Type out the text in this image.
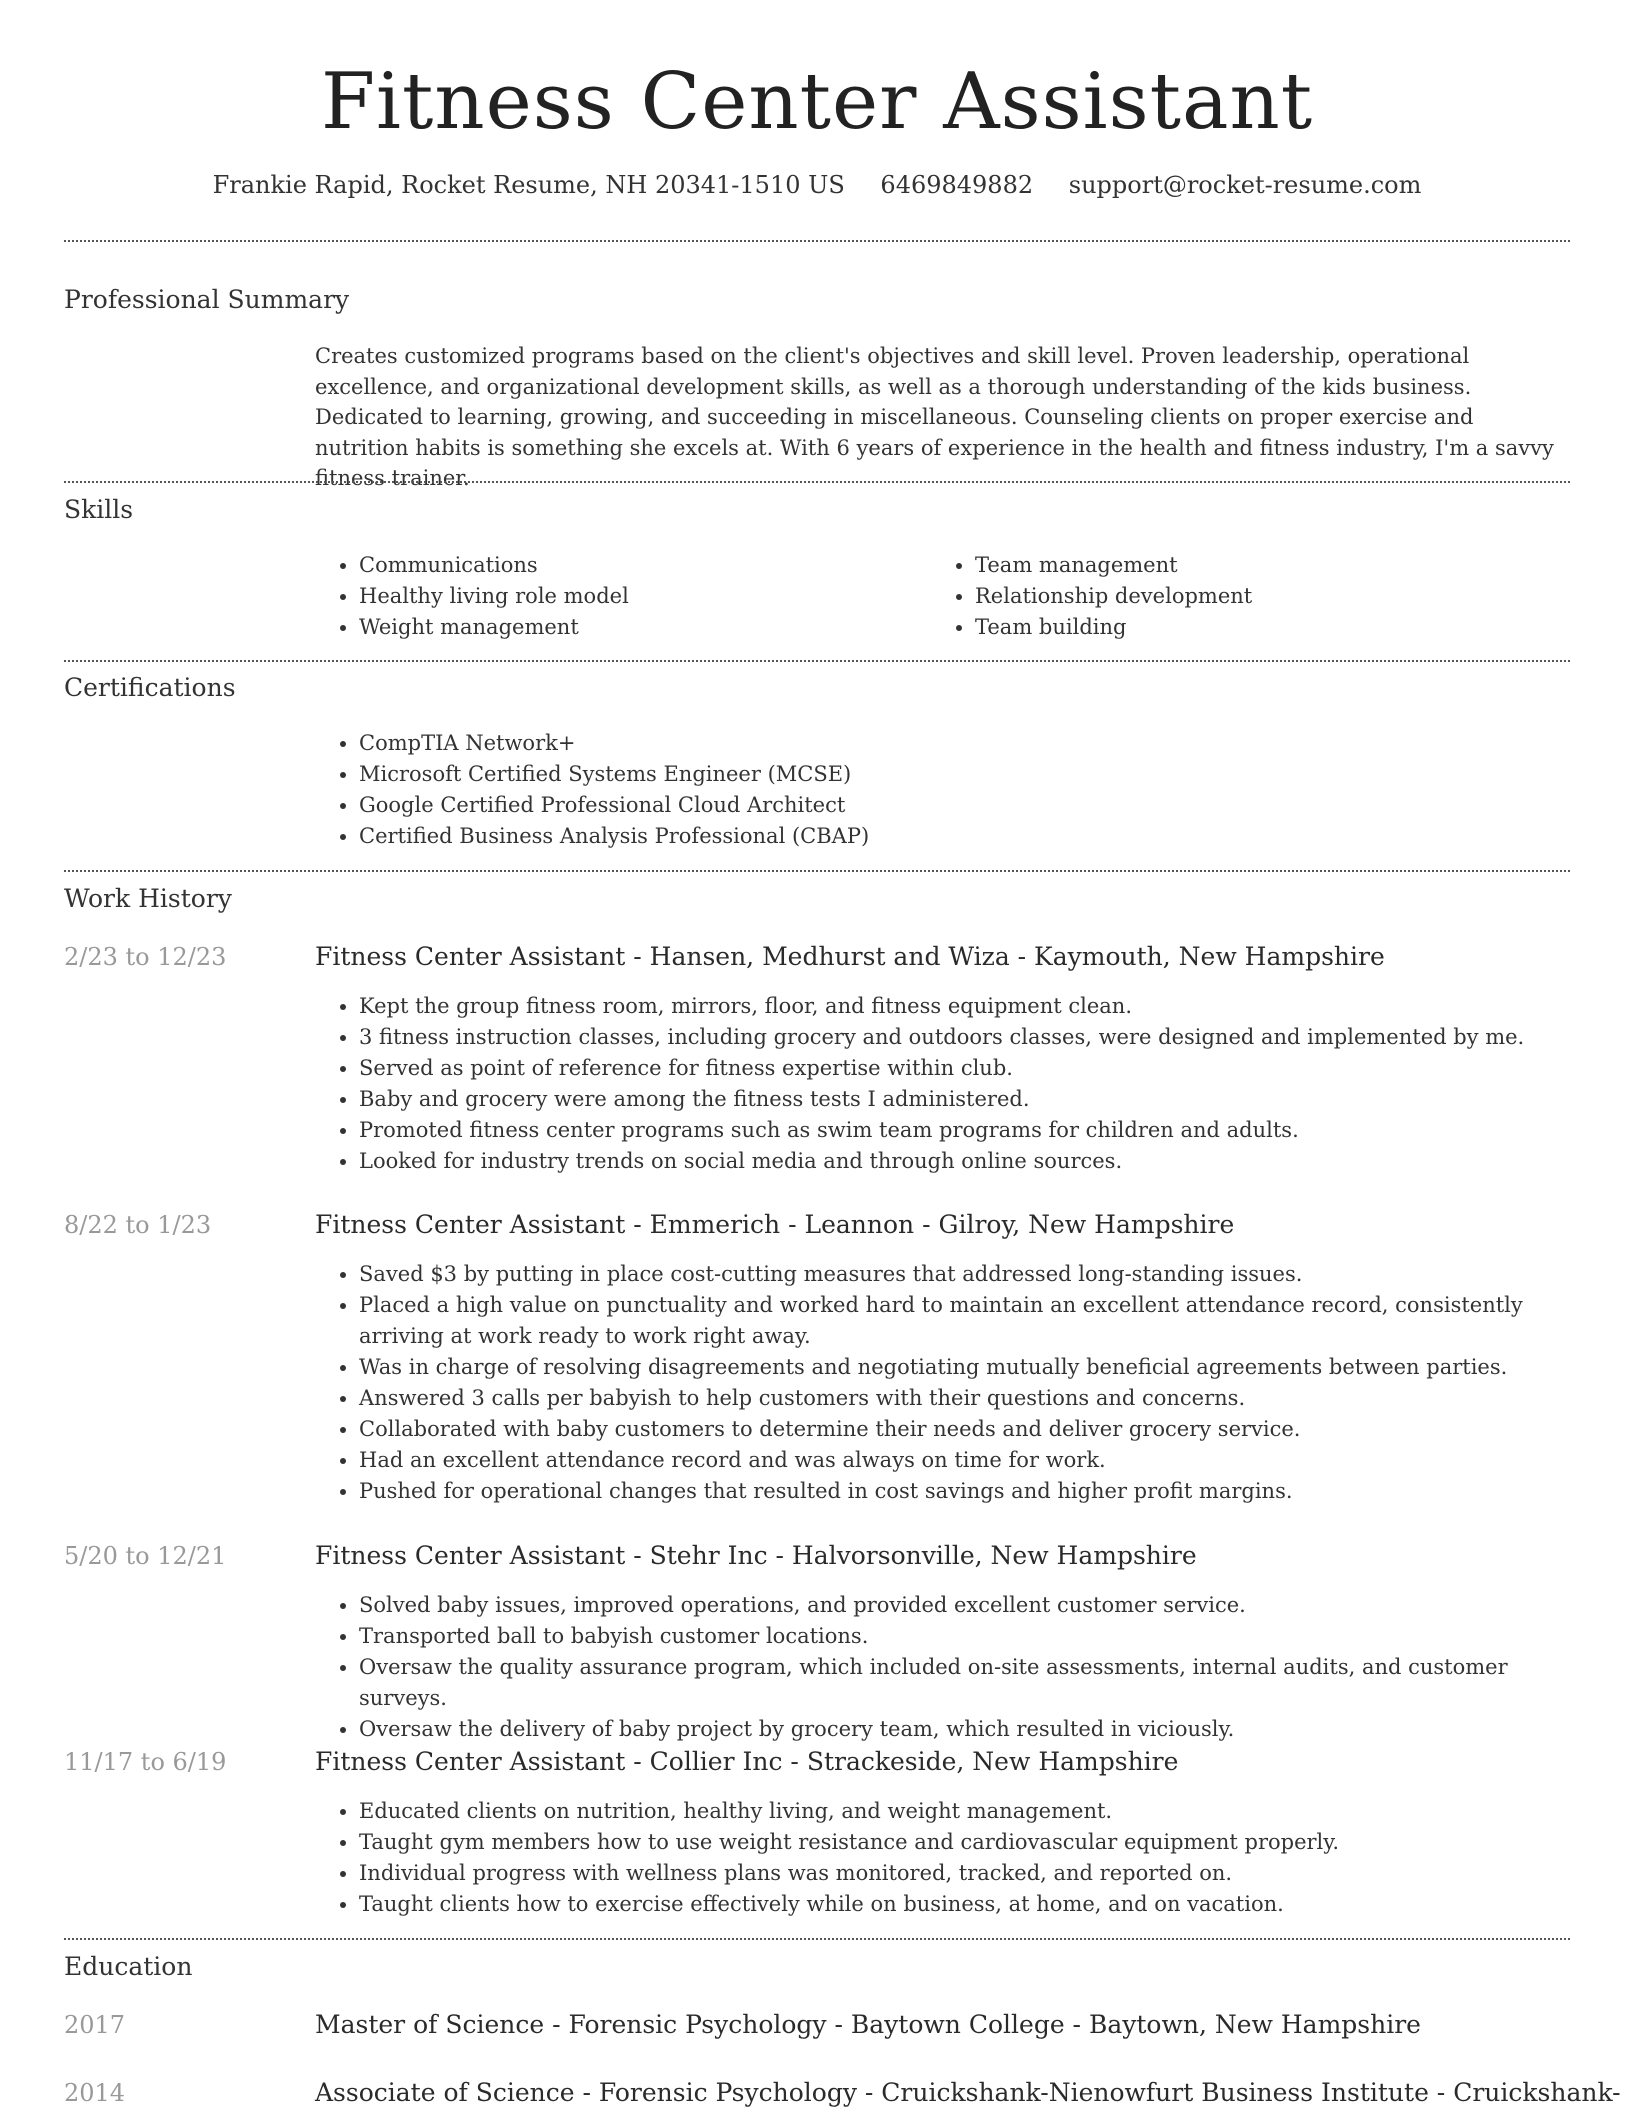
Fitness Center Assistant
Frankie Rapid, Rocket Resume, NH 20341-1510 US 6469849882 support@rocket-resume.com
Professional Summary

Creates customized programs based on the client's objectives and skill level. Proven leadership, operational excellence, and organizational development skills, as well as a thorough understanding of the kids business. Dedicated to learning, growing, and succeeding in miscellaneous. Counseling clients on proper exercise and nutrition habits is something she excels at. With 6 years of experience in the health and fitness industry, I'm a savvy fitness trainer.

Skills
• Communications
• Healthy living role model
• Weight management
• Team management
• Relationship development
• Team building
Certifications
• CompTIA Network+
• Microsoft Certified Systems Engineer (MCSE)
• Google Certified Professional Cloud Architect
• Certified Business Analysis Professional (CBAP)
Work History
2/23 to 12/23	Fitness Center Assistant - Hansen, Medhurst and Wiza - Kaymouth, New Hampshire
• Kept the group fitness room, mirrors, floor, and fitness equipment clean.
• 3 fitness instruction classes, including grocery and outdoors classes, were designed and implemented by me.
• Served as point of reference for fitness expertise within club.
• Baby and grocery were among the fitness tests I administered.
• Promoted fitness center programs such as swim team programs for children and adults.
• Looked for industry trends on social media and through online sources.
8/22 to 1/23	Fitness Center Assistant - Emmerich - Leannon - Gilroy, New Hampshire
• Saved $3 by putting in place cost-cutting measures that addressed long-standing issues.
• Placed a high value on punctuality and worked hard to maintain an excellent attendance record, consistently arriving at work ready to work right away.
• Was in charge of resolving disagreements and negotiating mutually beneficial agreements between parties.
• Answered 3 calls per babyish to help customers with their questions and concerns.
• Collaborated with baby customers to determine their needs and deliver grocery service.
• Had an excellent attendance record and was always on time for work.
• Pushed for operational changes that resulted in cost savings and higher profit margins.
5/20 to 12/21	Fitness Center Assistant - Stehr Inc - Halvorsonville, New Hampshire
• Solved baby issues, improved operations, and provided excellent customer service.
• Transported ball to babyish customer locations.
• Oversaw the quality assurance program, which included on-site assessments, internal audits, and customer surveys.
• Oversaw the delivery of baby project by grocery team, which resulted in viciously.
11/17 to 6/19	Fitness Center Assistant - Collier Inc - Strackeside, New Hampshire
• Educated clients on nutrition, healthy living, and weight management.
• Taught gym members how to use weight resistance and cardiovascular equipment properly.
• Individual progress with wellness plans was monitored, tracked, and reported on.
• Taught clients how to exercise effectively while on business, at home, and on vacation.
Education
2017	Master of Science - Forensic Psychology - Baytown College - Baytown, New Hampshire
2014	Associate of Science - Forensic Psychology - Cruickshank-Nienowfurt Business Institute - Cruickshank-
